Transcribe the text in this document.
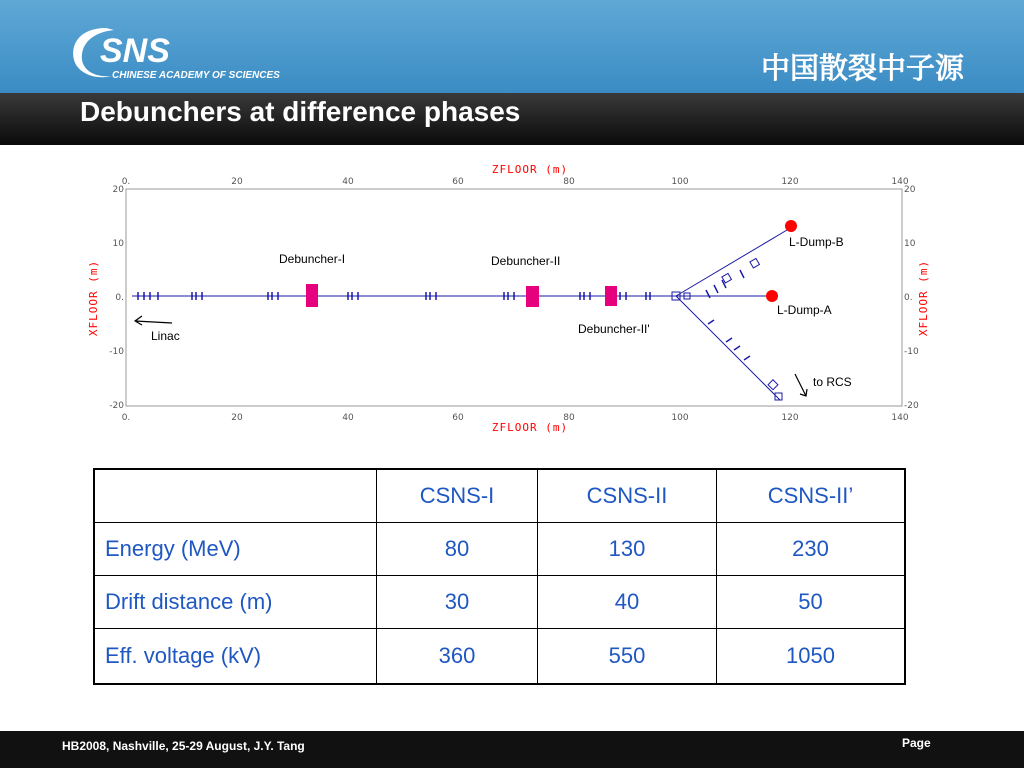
SNS
CHINESE ACADEMY OF SCIENCES	中国散裂中子源
Debunchers at difference phases
ZFLOOR (m)
ZFLOOR (m)
XFLOOR (m)	XFLOOR (m)
0.	20	40	60	80	100	120	140
0.	20	40	60	80	100	120	140
20
10
0.
-10
-20
20
10
0.
-10
-20
Debuncher-I	Debuncher-II
Debuncher-II'
Linac
L-Dump-A
L-Dump-B
to RCS
	CSNS-I	CSNS-II	CSNS-II’
Energy (MeV)	80	130	230
Drift distance (m)	30	40	50
Eff. voltage (kV)	360	550	1050
HB2008, Nashville, 25-29 August, J.Y. Tang	Page
